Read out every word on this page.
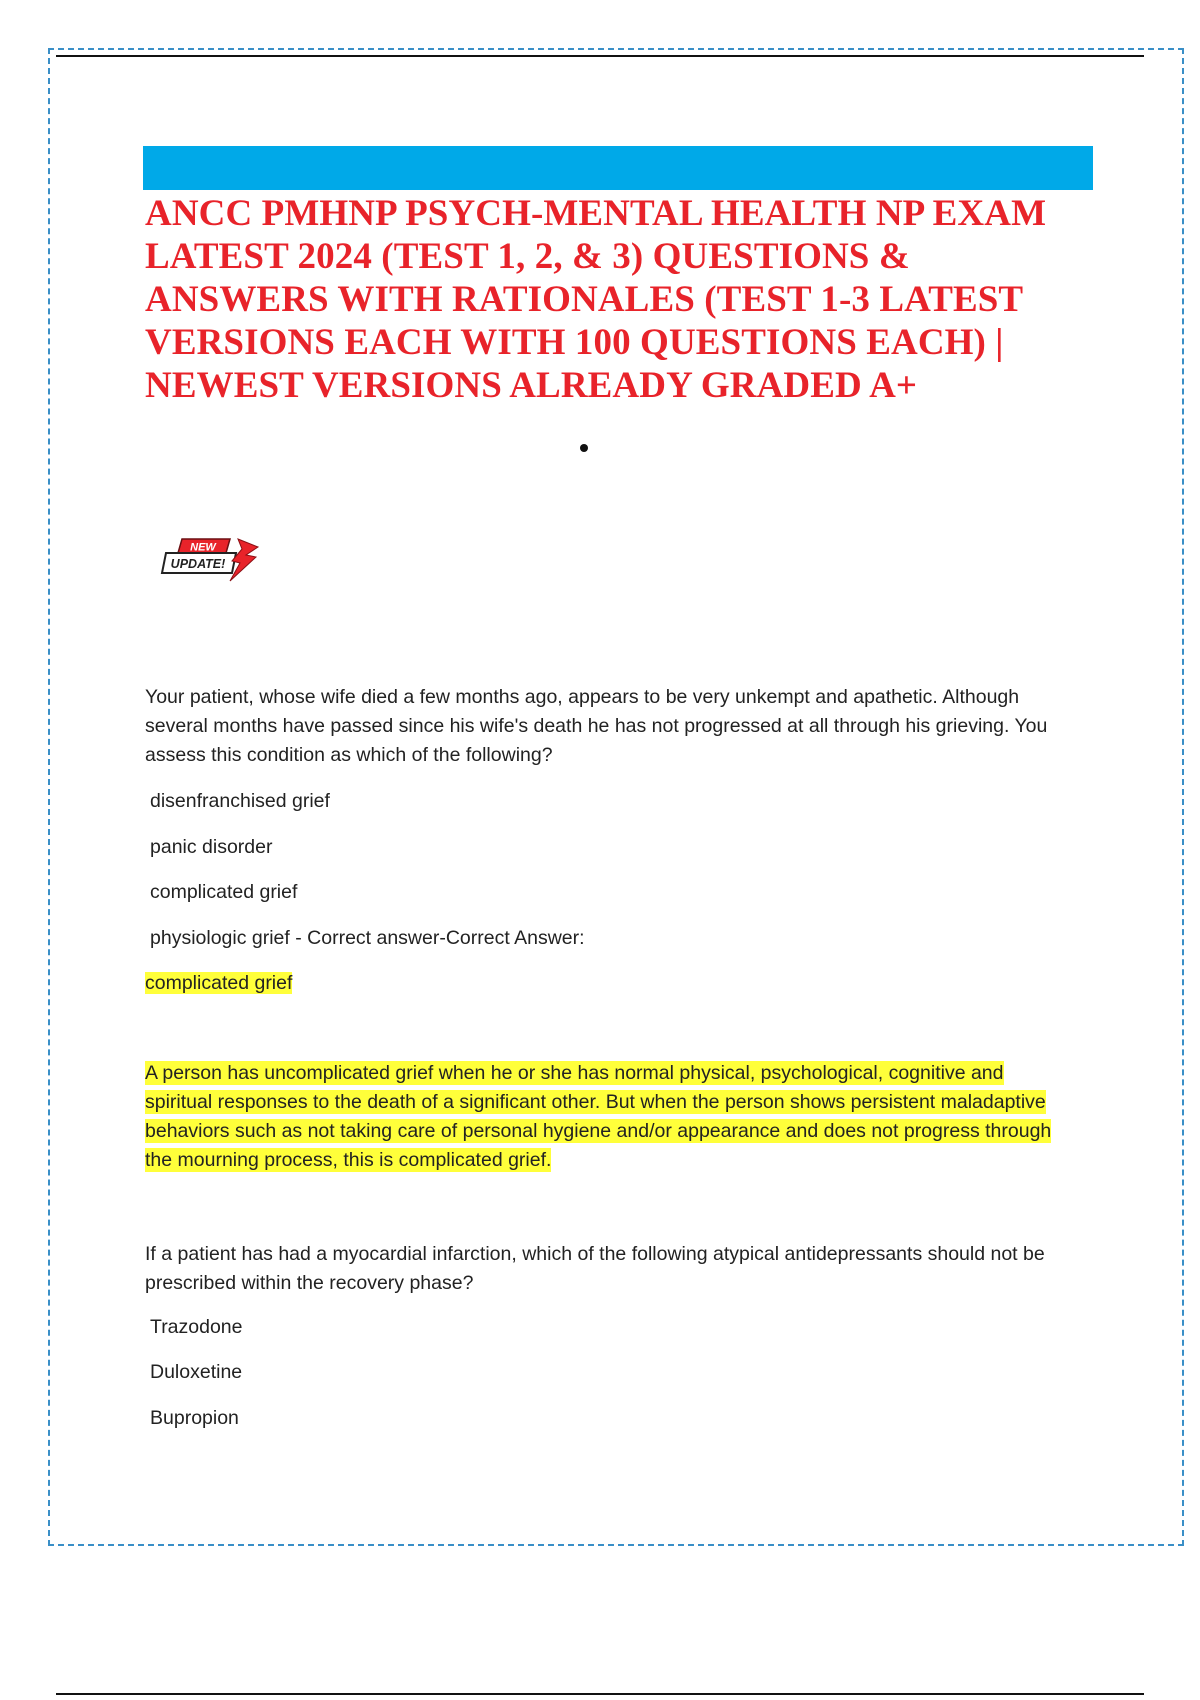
ANCC PMHNP PSYCH-MENTAL HEALTH NP EXAM LATEST 2024 (TEST 1, 2, & 3) QUESTIONS & ANSWERS WITH RATIONALES (TEST 1-3 LATEST VERSIONS EACH WITH 100 QUESTIONS EACH) | NEWEST VERSIONS ALREADY GRADED A+
NEW
UPDATE!

Your patient, whose wife died a few months ago, appears to be very unkempt and apathetic. Although several months have passed since his wife's death he has not progressed at all through his grieving. You assess this condition as which of the following?

disenfranchised grief
panic disorder
complicated grief
physiologic grief - Correct answer-Correct Answer:
complicated grief

A person has uncomplicated grief when he or she has normal physical, psychological, cognitive and spiritual responses to the death of a significant other. But when the person shows persistent maladaptive behaviors such as not taking care of personal hygiene and/or appearance and does not progress through the mourning process, this is complicated grief.

If a patient has had a myocardial infarction, which of the following atypical antidepressants should not be prescribed within the recovery phase?

Trazodone
Duloxetine
Bupropion
